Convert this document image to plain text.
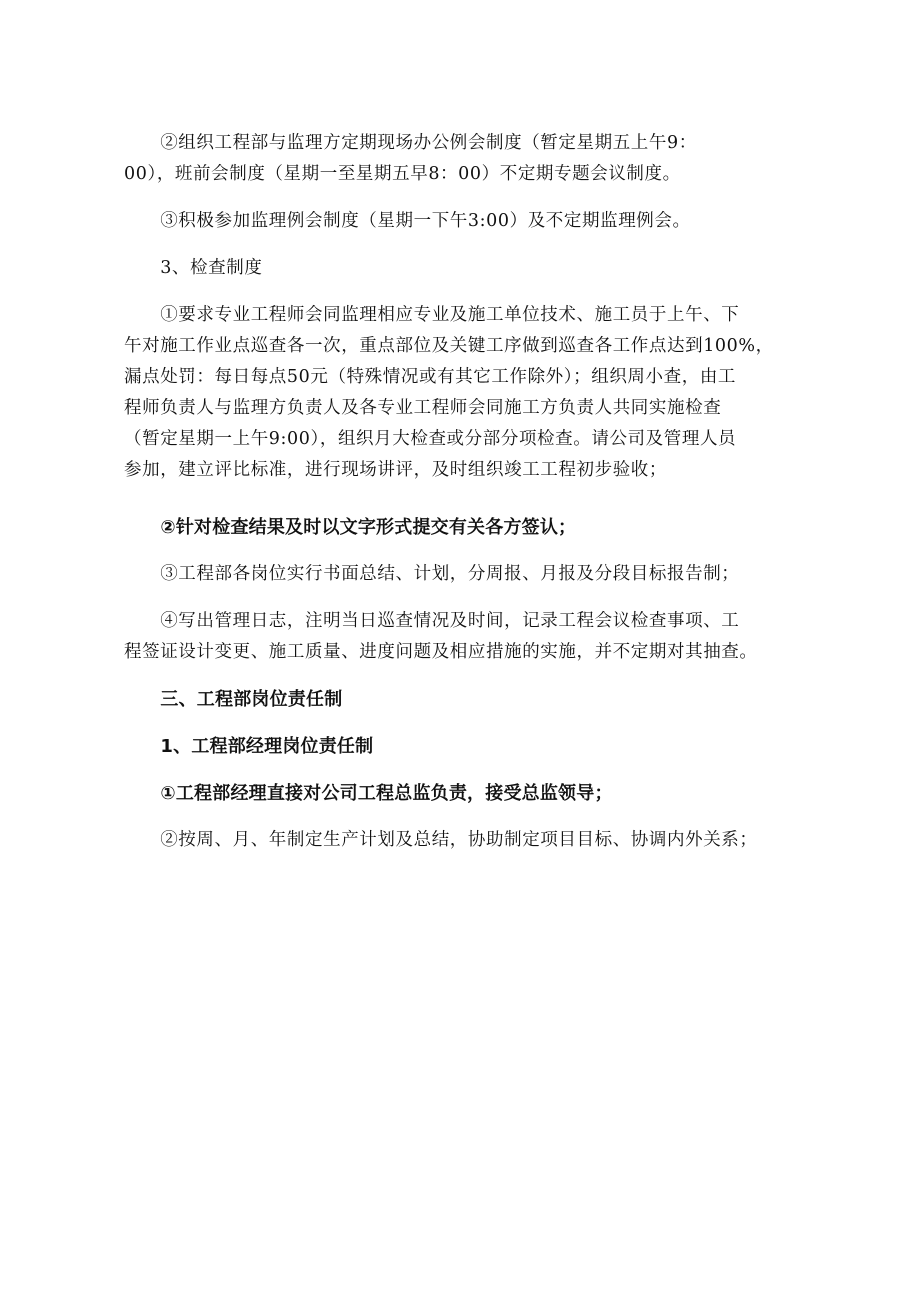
　　②组织工程部与监理方定期现场办公例会制度（暂定星期五上午9：
00），班前会制度（星期一至星期五早8：00）不定期专题会议制度。

　　③积极参加监理例会制度（星期一下午3:00）及不定期监理例会。

　　3、检查制度

　　①要求专业工程师会同监理相应专业及施工单位技术、施工员于上午、下
午对施工作业点巡查各一次，重点部位及关键工序做到巡查各工作点达到100%，
漏点处罚：每日每点50元（特殊情况或有其它工作除外）；组织周小查，由工
程师负责人与监理方负责人及各专业工程师会同施工方负责人共同实施检查
（暂定星期一上午9:00），组织月大检查或分部分项检查。请公司及管理人员
参加，建立评比标准，进行现场讲评，及时组织竣工工程初步验收；

　　②针对检查结果及时以文字形式提交有关各方签认；

　　③工程部各岗位实行书面总结、计划，分周报、月报及分段目标报告制；

　　④写出管理日志，注明当日巡查情况及时间，记录工程会议检查事项、工
程签证设计变更、施工质量、进度问题及相应措施的实施，并不定期对其抽查。

　　三、工程部岗位责任制

　　1、工程部经理岗位责任制

　　①工程部经理直接对公司工程总监负责，接受总监领导；

　　②按周、月、年制定生产计划及总结，协助制定项目目标、协调内外关系；
